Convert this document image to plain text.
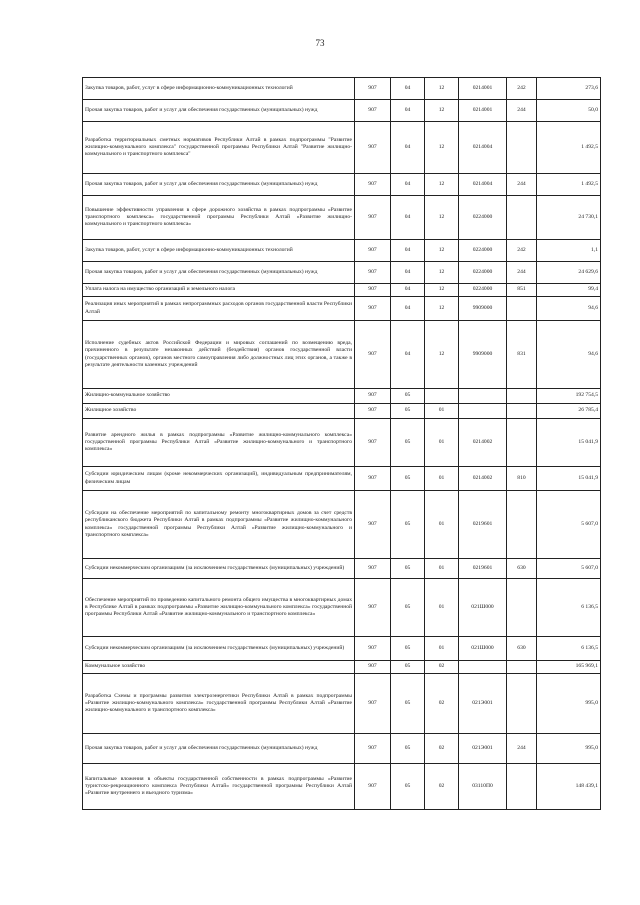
73
Закупка товаров, работ, услуг в сфере информационно-коммуникационных технологий	907	04	12	0214001	242	273,6
Прочая закупка товаров, работ и услуг для обеспечения государственных (муниципальных) нужд	907	04	12	0214001	244	50,0
Разработка территориальных сметных нормативов Республики Алтай в рамках подпрограммы "Развитие жилищно-коммунального комплекса" государственной программы Республики Алтай "Развитие жилищно-коммунального и транспортного комплекса"	907	04	12	0214004		1 492,5
Прочая закупка товаров, работ и услуг для обеспечения государственных (муниципальных) нужд	907	04	12	0214004	244	1 492,5
Повышение эффективности управления в сфере дорожного хозяйства в рамках подпрограммы «Развитие транспортного комплекса» государственной программы Республики Алтай «Развитие жилищно-коммунального и транспортного комплекса»	907	04	12	0224000		24 730,1
Закупка товаров, работ, услуг в сфере информационно-коммуникационных технологий	907	04	12	0224000	242	1,1
Прочая закупка товаров, работ и услуг для обеспечения государственных (муниципальных) нужд	907	04	12	0224000	244	24 629,6
Уплата налога на имущество организаций и земельного налога	907	04	12	0224000	851	99,4
Реализация иных мероприятий в рамках непрограммных расходов органов государственной власти Республики Алтай	907	04	12	9909000		94,6
Исполнение судебных актов Российской Федерации и мировых соглашений по возмещению вреда, причиненного в результате незаконных действий (бездействия) органов государственной власти (государственных органов), органов местного самоуправления либо должностных лиц этих органов, а также в результате деятельности казенных учреждений	907	04	12	9909000	831	94,6
Жилищно-коммунальное хозяйство	907	05				192 754,5
Жилищное хозяйство	907	05	01			26 785,4
Развитие арендного жилья в рамках подпрограммы «Развитие жилищно-коммунального комплекса» государственной программы Республики Алтай «Развитие жилищно-коммунального и транспортного комплекса»	907	05	01	0214002		15 041,9
Субсидии юридическим лицам (кроме некоммерческих организаций), индивидуальным предпринимателям, физическим лицам	907	05	01	0214002	810	15 041,9
Субсидии на обеспечение мероприятий по капитальному ремонту многоквартирных домов за счет средств республиканского бюджета Республики Алтай в рамках подпрограммы «Развитие жилищно-коммунального комплекса» государственной программы Республики Алтай «Развитие жилищно-коммунального и транспортного комплекса»	907	05	01	0219601		5 607,0
Субсидии некоммерческим организациям (за исключением государственных (муниципальных) учреждений)	907	05	01	0219601	630	5 607,0
Обеспечение мероприятий по проведению капитального ремонта общего имущества в многоквартирных домах в Республике Алтай в рамках подпрограммы «Развитие жилищно-коммунального комплекса» государственной программы Республики Алтай «Развитие жилищно-коммунального и транспортного комплекса»	907	05	01	021Ш000		6 136,5
Субсидии некоммерческим организациям (за исключением государственных (муниципальных) учреждений)	907	05	01	021Ш000	630	6 136,5
Коммунальное хозяйство	907	05	02			165 969,1
Разработка Схемы и программы развития электроэнергетики Республики Алтай в рамках подпрограммы «Развитие жилищно-коммунального комплекса» государственной программы Республики Алтай «Развитие жилищно-коммунального и транспортного комплекса»	907	05	02	021Э001		995,0
Прочая закупка товаров, работ и услуг для обеспечения государственных (муниципальных) нужд	907	05	02	021Э001	244	995,0
Капитальные вложения в объекты государственной собственности в рамках подпрограммы «Развитие туристско-рекреационного комплекса Республики Алтай» государственной программы Республики Алтай «Развитие внутреннего и въездного туризма»	907	05	02	03110П0		148 439,1
